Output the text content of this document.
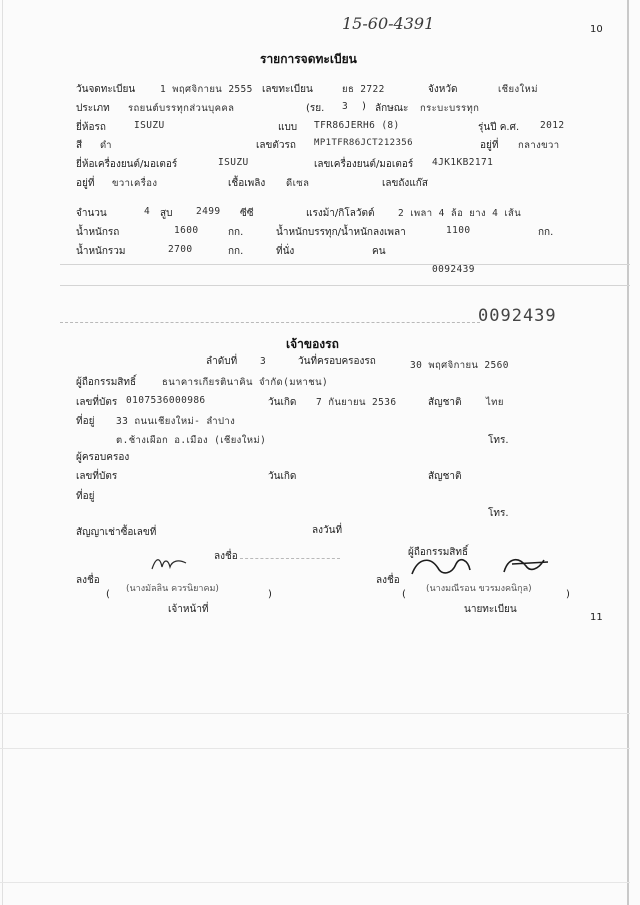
15-60-4391	10
รายการจดทะเบียน
วันจดทะเบียน	1 พฤศจิกายน 2555 เลขทะเบียน	ยธ 2722	จังหวัด	เชียงใหม่
ประเภท รถยนต์บรรทุกส่วนบุคคล	(รย. 3 ) ลักษณะ กระบะบรรทุก
ยี่ห้อรถ	ISUZU	แบบ TFR86JERH6 (8)	รุ่นปี ค.ศ. 2012
สี ดำ	เลขตัวรถ MP1TFR86JCT212356	อยู่ที่ กลางขวา
ยี่ห้อเครื่องยนต์/มอเตอร์	ISUZU	เลขเครื่องยนต์/มอเตอร์ 4JK1KB2171
อยู่ที่ ขวาเครื่อง	เชื้อเพลิง ดีเซล	เลขถังแก๊ส
จำนวน	4 สูบ 2499 ซีซี	แรงม้า/กิโลวัตต์ 2 เพลา 4 ล้อ ยาง 4 เส้น
น้ำหนักรถ	1600	กก.	น้ำหนักบรรทุก/น้ำหนักลงเพลา	1100	กก.
น้ำหนักรวม	2700	กก.	ที่นั่ง	คน
0092439
0092439
เจ้าของรถ
ลำดับที่ 3	วันที่ครอบครองรถ	30 พฤศจิกายน 2560
ผู้ถือกรรมสิทธิ์	ธนาคารเกียรตินาคิน จำกัด(มหาชน)
เลขที่บัตร 0107536000986	วันเกิด 7 กันยายน 2536	สัญชาติ	ไทย
ที่อยู่ 33 ถนนเชียงใหม่- ลำปาง
ต.ช้างเผือก อ.เมือง (เชียงใหม่)	โทร.
ผู้ครอบครอง
เลขที่บัตร	วันเกิด	สัญชาติ
ที่อยู่
โทร.
สัญญาเช่าซื้อเลขที่	ลงวันที่
ลงชื่อ	ผู้ถือกรรมสิทธิ์
ลงชื่อ
(นางมัลลิน ควรนิยาคม)
ลงชื่อ
(นางมณีรอน ขวรมงคนิกุล)
(	)	(	)
เจ้าหน้าที่	นายทะเบียน
11
